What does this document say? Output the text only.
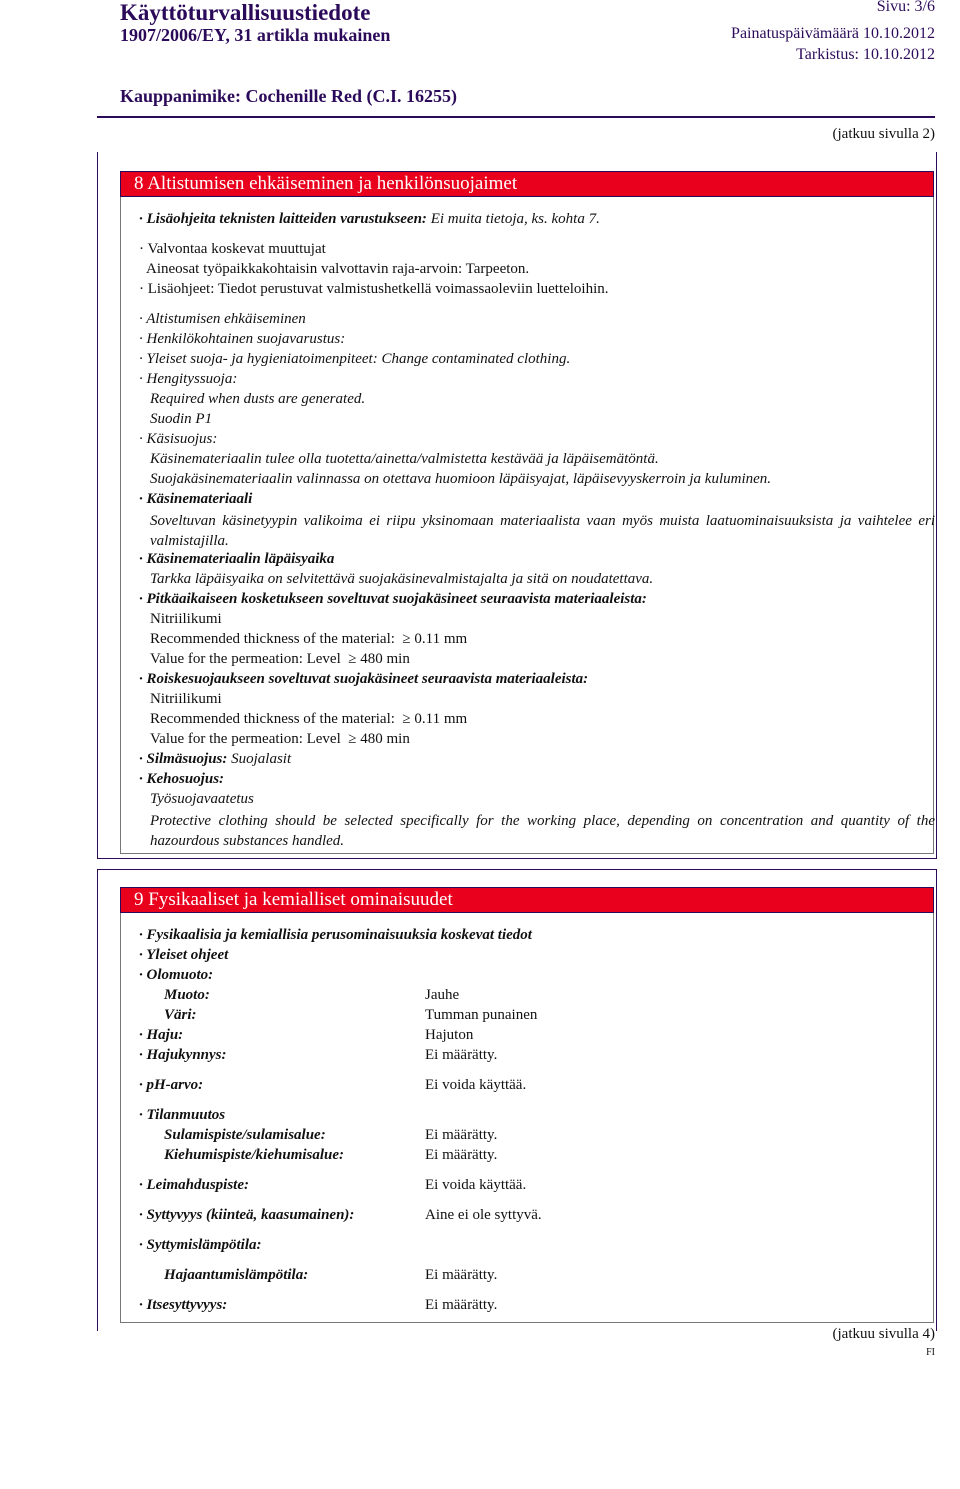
Käyttöturvallisuustiedote
1907/2006/EY, 31 artikla mukainen
Sivu: 3/6
Painatuspäivämäärä 10.10.2012
Tarkistus: 10.10.2012
Kauppanimike: Cochenille Red (C.I. 16255)
(jatkuu sivulla 2)
8 Altistumisen ehkäiseminen ja henkilönsuojaimet
· Lisäohjeita teknisten laitteiden varustukseen: Ei muita tietoja, ks. kohta 7.
· Valvontaa koskevat muuttujat
Aineosat työpaikkakohtaisin valvottavin raja-arvoin: Tarpeeton.
· Lisäohjeet: Tiedot perustuvat valmistushetkellä voimassaoleviin luetteloihin.
· Altistumisen ehkäiseminen
· Henkilökohtainen suojavarustus:
· Yleiset suoja- ja hygieniatoimenpiteet: Change contaminated clothing.
· Hengityssuoja:
Required when dusts are generated.
Suodin P1
· Käsisuojus:
Käsinemateriaalin tulee olla tuotetta/ainetta/valmistetta kestävää ja läpäisemätöntä.
Suojakäsinemateriaalin valinnassa on otettava huomioon läpäisyajat, läpäisevyyskerroin ja kuluminen.
· Käsinemateriaali
Soveltuvan käsinetyypin valikoima ei riipu yksinomaan materiaalista vaan myös muista laatuominaisuuksista ja vaihtelee eri valmistajilla.
· Käsinemateriaalin läpäisyaika
Tarkka läpäisyaika on selvitettävä suojakäsinevalmistajalta ja sitä on noudatettava.
· Pitkäaikaiseen kosketukseen soveltuvat suojakäsineet seuraavista materiaaleista:
Nitriilikumi
Recommended thickness of the material:  ≥ 0.11 mm
Value for the permeation: Level  ≥ 480 min
· Roiskesuojaukseen soveltuvat suojakäsineet seuraavista materiaaleista:
Nitriilikumi
Recommended thickness of the material:  ≥ 0.11 mm
Value for the permeation: Level  ≥ 480 min
· Silmäsuojus: Suojalasit
· Kehosuojus:
Työsuojavaatetus
Protective clothing should be selected specifically for the working place, depending on concentration and quantity of the hazourdous substances handled.
9 Fysikaaliset ja kemialliset ominaisuudet
· Fysikaalisia ja kemiallisia perusominaisuuksia koskevat tiedot
· Yleiset ohjeet
· Olomuoto:
Muoto:	Jauhe
Väri:	Tumman punainen
· Haju:	Hajuton
· Hajukynnys:	Ei määrätty.
· pH-arvo:	Ei voida käyttää.
· Tilanmuutos
Sulamispiste/sulamisalue:	Ei määrätty.
Kiehumispiste/kiehumisalue:	Ei määrätty.
· Leimahduspiste:	Ei voida käyttää.
· Syttyvyys (kiinteä, kaasumainen):	Aine ei ole syttyvä.
· Syttymislämpötila:
Hajaantumislämpötila:	Ei määrätty.
· Itsesyttyvyys:	Ei määrätty.
(jatkuu sivulla 4)
FI
